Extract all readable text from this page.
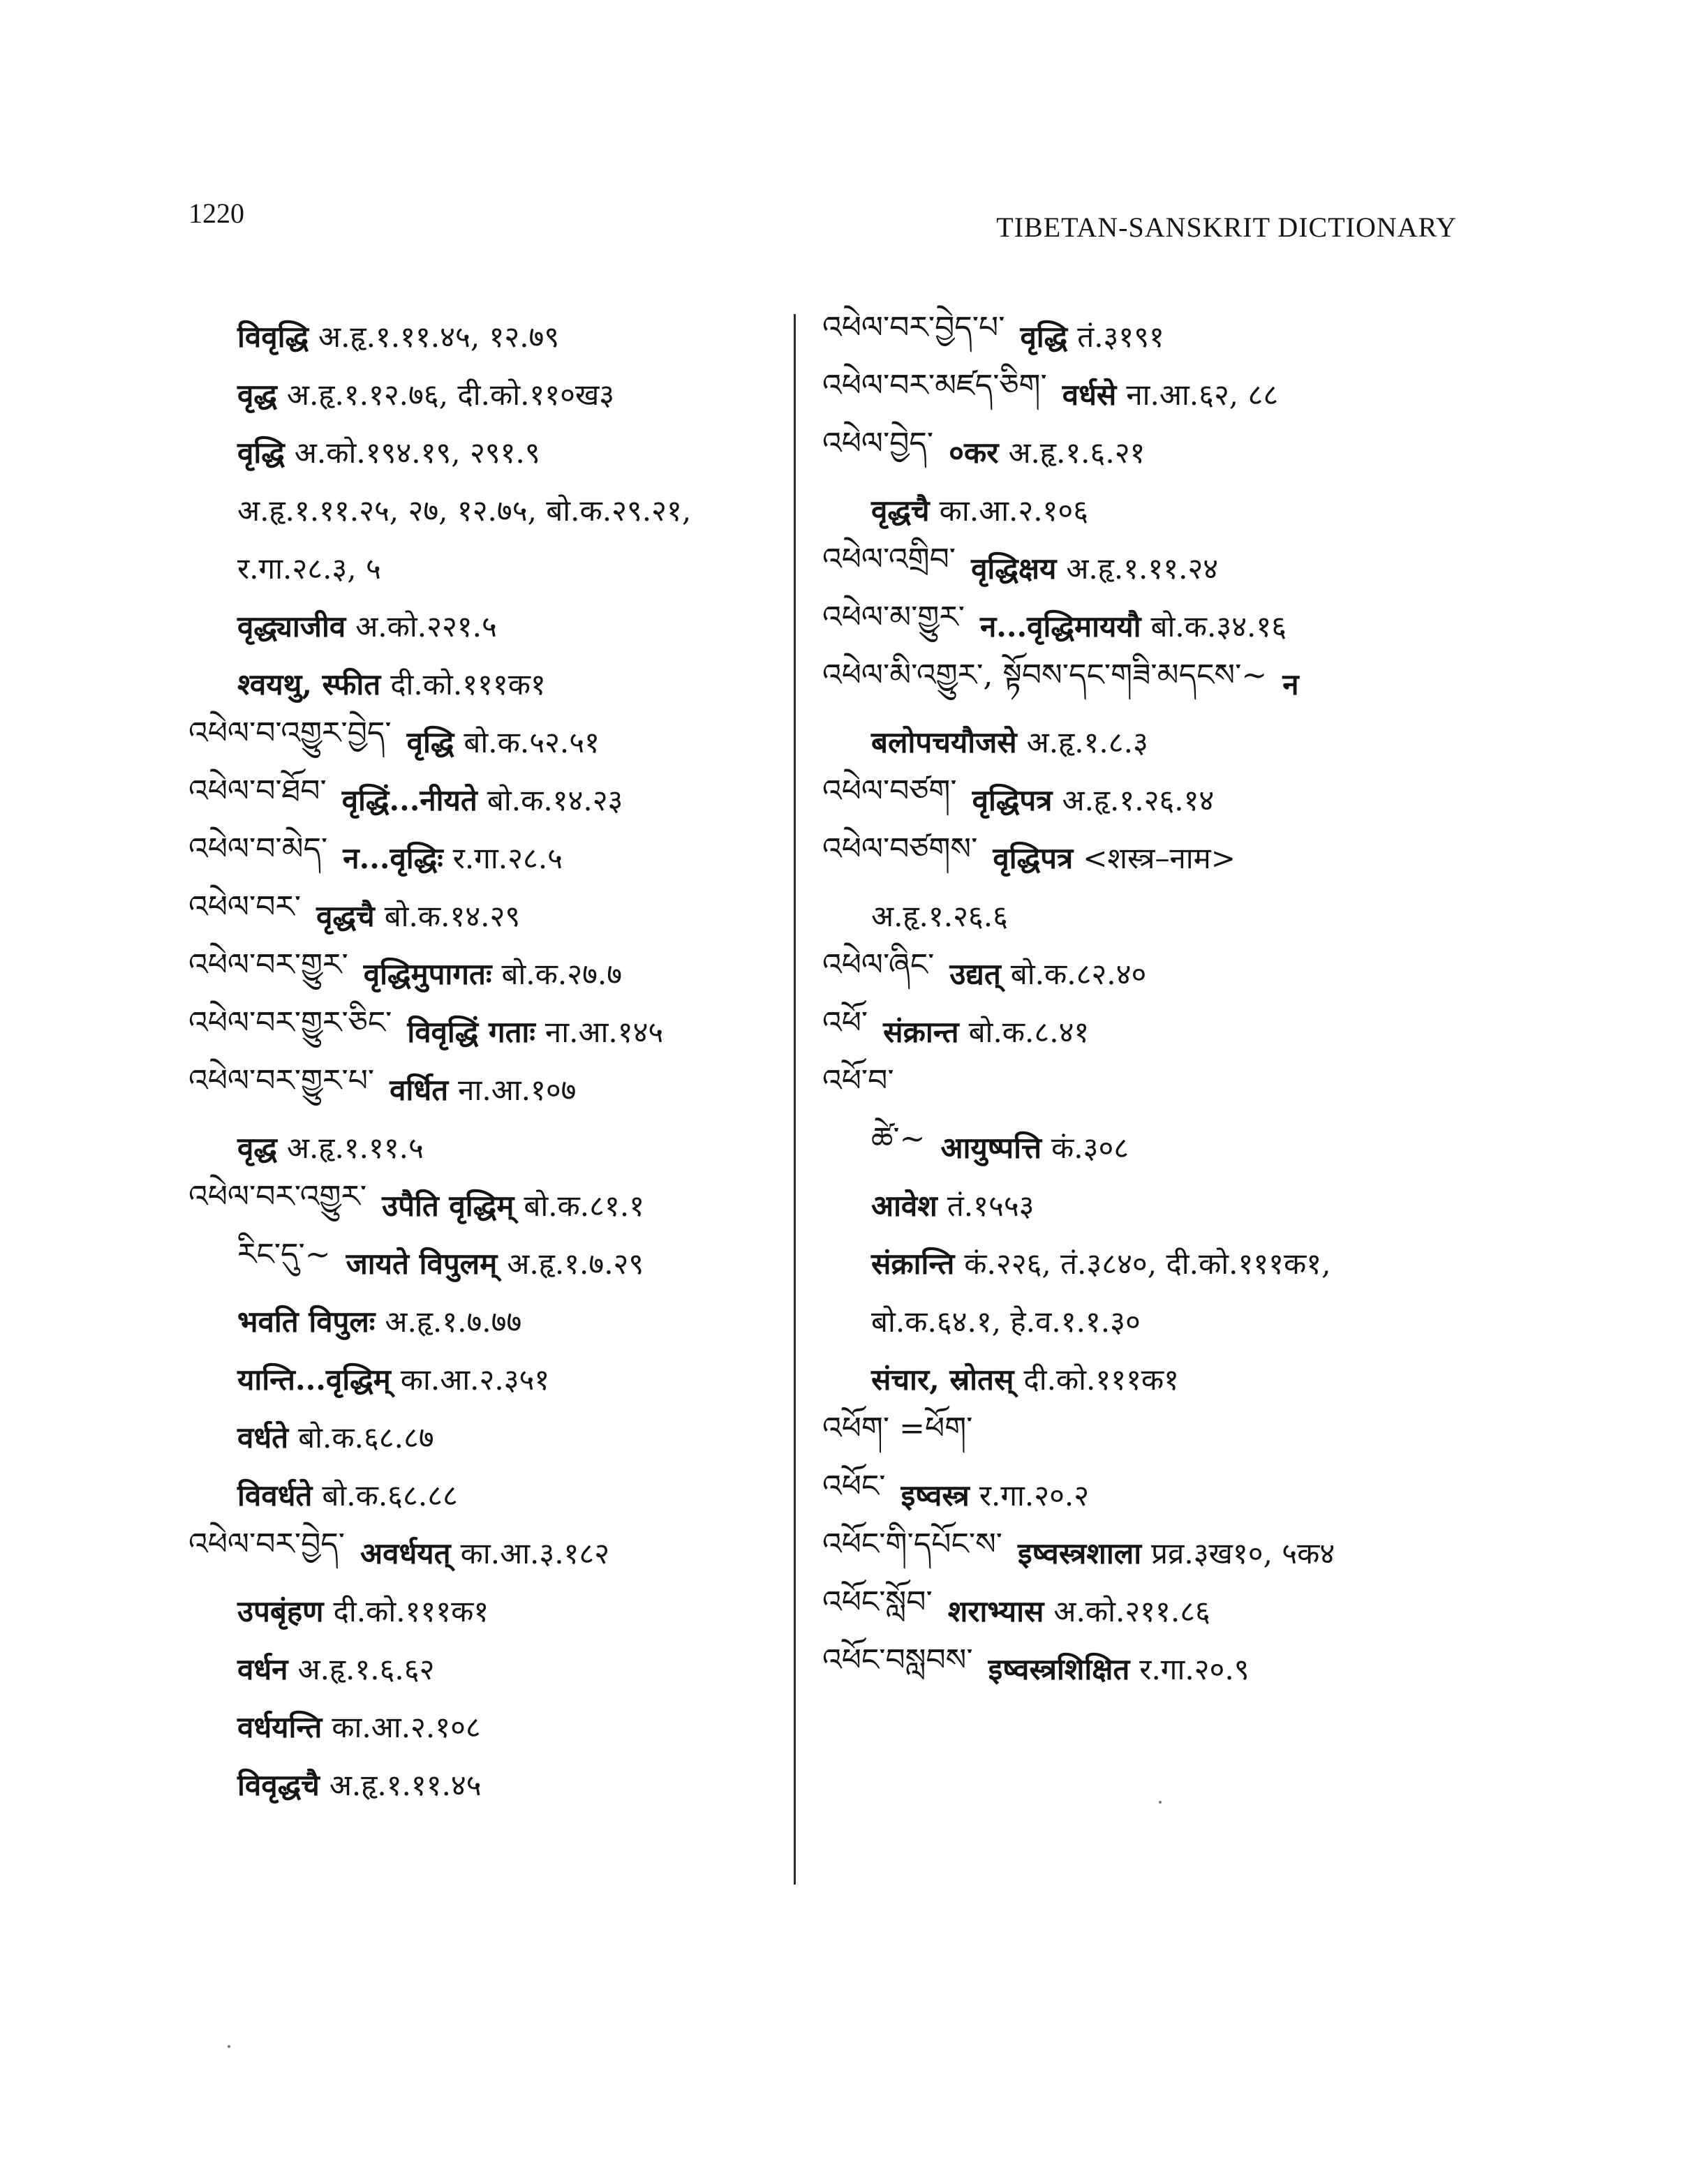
1220	TIBETAN-SANSKRIT DICTIONARY
विवृद्धि अ.हृ.१.११.४५, १२.७९
वृद्ध अ.हृ.१.१२.७६, दी.को.११०ख३
वृद्धि अ.को.१९४.१९, २९१.९
अ.हृ.१.११.२५, २७, १२.७५, बो.क.२९.२१,
र.गा.२८.३, ५
वृद्ध्याजीव अ.को.२२१.५
श्वयथु, स्फीत दी.को.१११क१
འཕེལ་བ་འགྱུར་བྱེད་ वृद्धि बो.क.५२.५१
འཕེལ་བ་ཐོབ་ वृद्धिं...नीयते बो.क.१४.२३
འཕེལ་བ་མེད་ न...वृद्धिः र.गा.२८.५
འཕེལ་བར་ वृद्धचै बो.क.१४.२९
འཕེལ་བར་གྱུར་ वृद्धिमुपागतः बो.क.२७.७
འཕེལ་བར་གྱུར་ཅིང་ विवृद्धिं गताः ना.आ.१४५
འཕེལ་བར་གྱུར་པ་ वर्धित ना.आ.१०७
वृद्ध अ.हृ.१.११.५
འཕེལ་བར་འགྱུར་ उपैति वृद्धिम् बो.क.८१.१
རིང་དུ་~ जायते विपुलम् अ.हृ.१.७.२९
भवति विपुलः अ.हृ.१.७.७७
यान्ति...वृद्धिम् का.आ.२.३५१
वर्धते बो.क.६८.८७
विवर्धते बो.क.६८.८८
འཕེལ་བར་བྱེད་ अवर्धयत् का.आ.३.१८२
उपबृंहण दी.को.१११क१
वर्धन अ.हृ.१.६.६२
वर्धयन्ति का.आ.२.१०८
विवृद्धचै अ.हृ.१.११.४५
འཕེལ་བར་བྱེད་པ་ वृद्धि तं.३१९१
འཕེལ་བར་མཛད་ཅིག་ वर्धसे ना.आ.६२, ८८
འཕེལ་བྱེད་ ०कर अ.हृ.१.६.२१
वृद्धचै का.आ.२.१०६
འཕེལ་འགྲིབ་ वृद्धिक्षय अ.हृ.१.११.२४
འཕེལ་མ་གྱུར་ न...वृद्धिमाययौ बो.क.३४.१६
འཕེལ་མི་འགྱུར་, སྟོབས་དང་གཟི་མདངས་~ न
बलोपचयौजसे अ.हृ.१.८.३
འཕེལ་བཙག་ वृद्धिपत्र अ.हृ.१.२६.१४
འཕེལ་བཙགས་ वृद्धिपत्र <शस्त्र–नाम>
अ.हृ.१.२६.६
འཕེལ་ཞིང་ उद्यत् बो.क.८२.४०
འཕོ་ संक्रान्त बो.क.८.४१
འཕོ་བ་
ཚེ་~ आयुष्पत्ति कं.३०८
आवेश तं.१५५३
संक्रान्ति कं.२२६, तं.३८४०, दी.को.१११क१,
बो.क.६४.१, हे.व.१.१.३०
संचार, स्रोतस् दी.को.१११क१
འཕོག་ =ཕོག་
འཕོང་ इष्वस्त्र र.गा.२०.२
འཕོང་གི་དཔོང་ས་ इष्वस्त्रशाला प्रव्र.३ख१०, ५क४
འཕོང་སློབ་ शराभ्यास अ.को.२११.८६
འཕོང་བསླབས་ इष्वस्त्रशिक्षित र.गा.२०.९
